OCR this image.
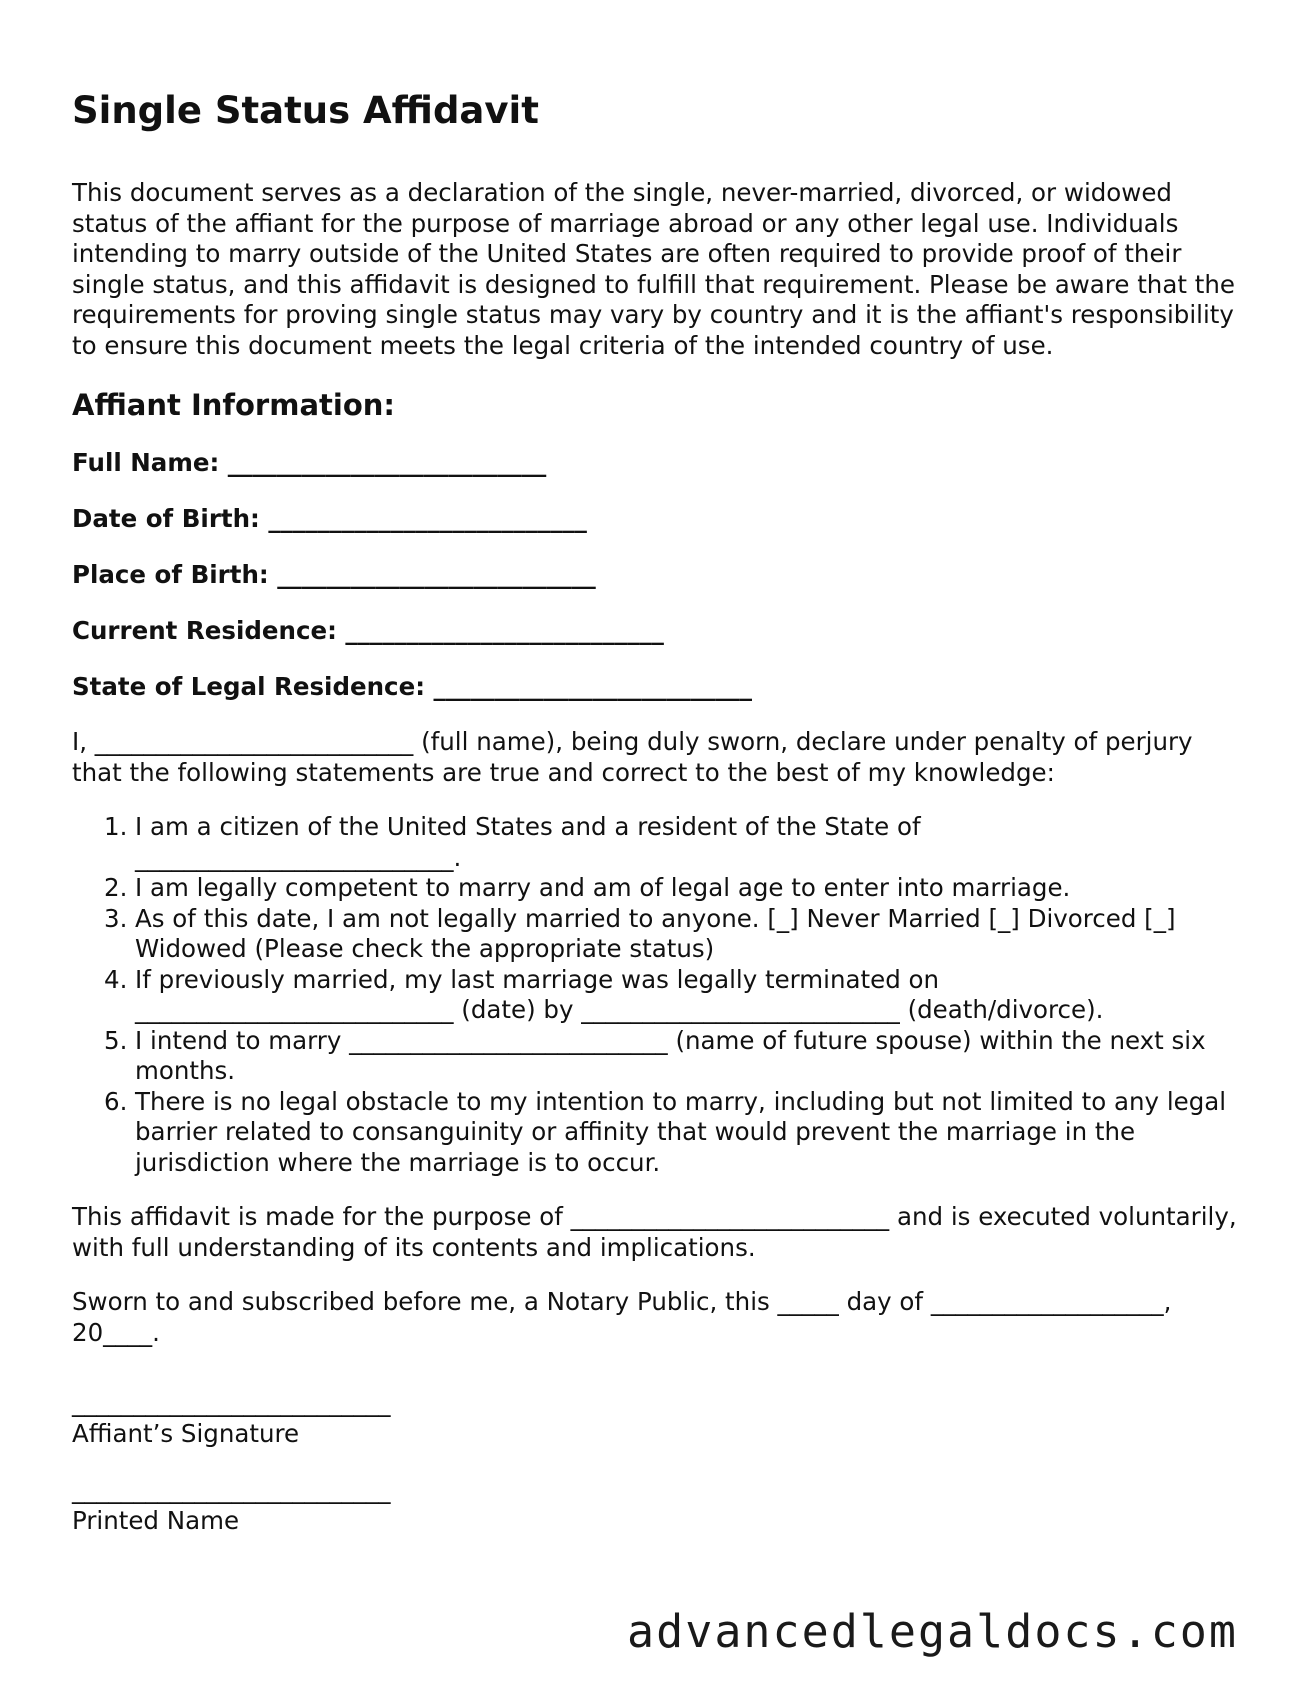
Single Status Affidavit

This document serves as a declaration of the single, never-married, divorced, or widowed status of the affiant for the purpose of marriage abroad or any other legal use. Individuals intending to marry outside of the United States are often required to provide proof of their single status, and this affidavit is designed to fulfill that requirement. Please be aware that the requirements for proving single status may vary by country and it is the affiant's responsibility to ensure this document meets the legal criteria of the intended country of use.

Affiant Information:
Full Name: __________________________
Date of Birth: __________________________
Place of Birth: __________________________
Current Residence: __________________________
State of Legal Residence: __________________________

I, __________________________ (full name), being duly sworn, declare under penalty of perjury that the following statements are true and correct to the best of my knowledge:

1. I am a citizen of the United States and a resident of the State of __________________________.
2. I am legally competent to marry and am of legal age to enter into marriage.
3. As of this date, I am not legally married to anyone. [_] Never Married [_] Divorced [_] Widowed (Please check the appropriate status)
4. If previously married, my last marriage was legally terminated on __________________________ (date) by __________________________ (death/divorce).
5. I intend to marry __________________________ (name of future spouse) within the next six months.
6. There is no legal obstacle to my intention to marry, including but not limited to any legal barrier related to consanguinity or affinity that would prevent the marriage in the jurisdiction where the marriage is to occur.

This affidavit is made for the purpose of __________________________ and is executed voluntarily, with full understanding of its contents and implications.

Sworn to and subscribed before me, a Notary Public, this _____ day of ___________________, 20____.

__________________________
Affiant’s Signature
__________________________
Printed Name
advancedlegaldocs.com
